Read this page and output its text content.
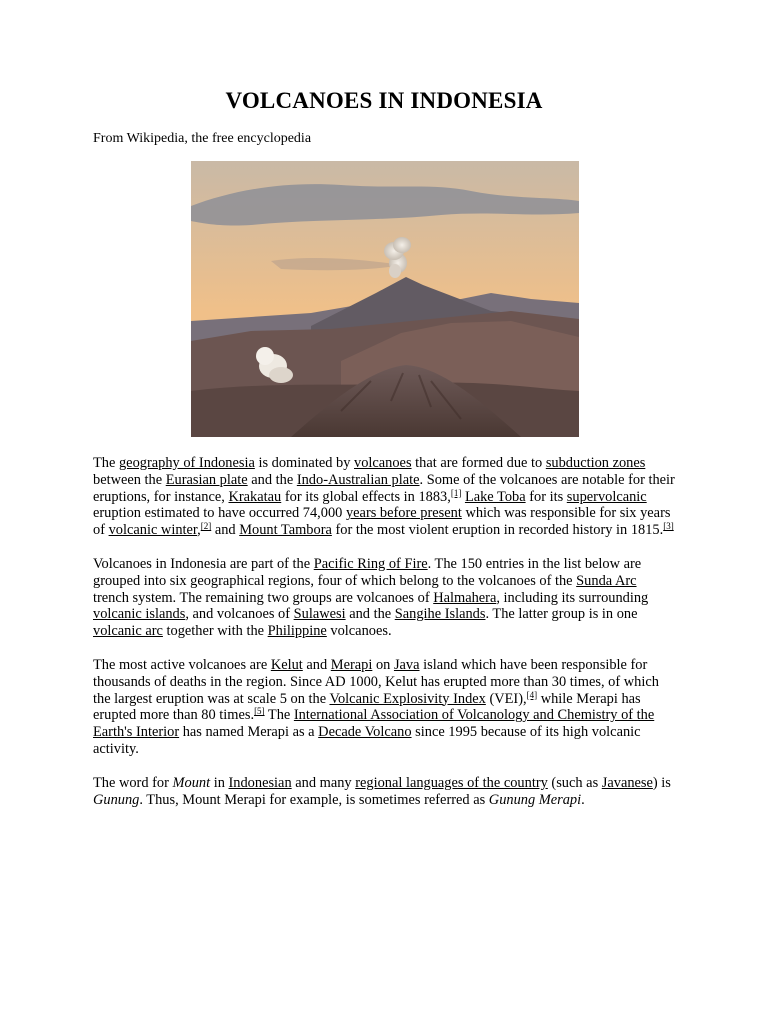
VOLCANOES IN INDONESIA

From Wikipedia, the free encyclopedia

The geography of Indonesia is dominated by volcanoes that are formed due to subduction zones between the Eurasian plate and the Indo-Australian plate. Some of the volcanoes are notable for their eruptions, for instance, Krakatau for its global effects in 1883,[1] Lake Toba for its supervolcanic eruption estimated to have occurred 74,000 years before present which was responsible for six years of volcanic winter,[2] and Mount Tambora for the most violent eruption in recorded history in 1815.[3]

Volcanoes in Indonesia are part of the Pacific Ring of Fire. The 150 entries in the list below are grouped into six geographical regions, four of which belong to the volcanoes of the Sunda Arc trench system. The remaining two groups are volcanoes of Halmahera, including its surrounding volcanic islands, and volcanoes of Sulawesi and the Sangihe Islands. The latter group is in one volcanic arc together with the Philippine volcanoes.

The most active volcanoes are Kelut and Merapi on Java island which have been responsible for thousands of deaths in the region. Since AD 1000, Kelut has erupted more than 30 times, of which the largest eruption was at scale 5 on the Volcanic Explosivity Index (VEI),[4] while Merapi has erupted more than 80 times.[5] The International Association of Volcanology and Chemistry of the Earth's Interior has named Merapi as a Decade Volcano since 1995 because of its high volcanic activity.

The word for Mount in Indonesian and many regional languages of the country (such as Javanese) is Gunung. Thus, Mount Merapi for example, is sometimes referred as Gunung Merapi.
